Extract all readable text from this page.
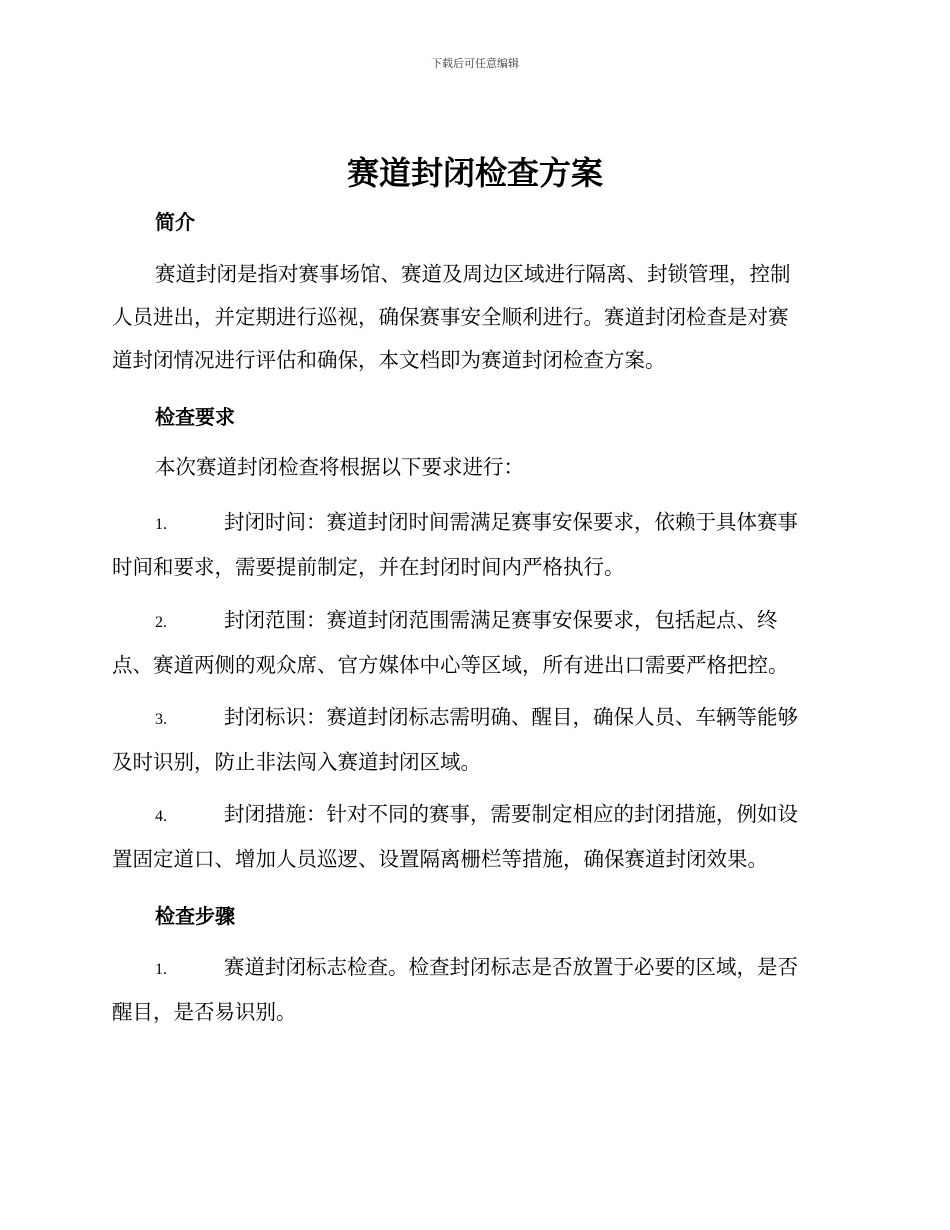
下载后可任意编辑
赛道封闭检查方案
简介
赛道封闭是指对赛事场馆、赛道及周边区域进行隔离、封锁管理，控制
人员进出，并定期进行巡视，确保赛事安全顺利进行。赛道封闭检查是对赛
道封闭情况进行评估和确保，本文档即为赛道封闭检查方案。
检查要求
本次赛道封闭检查将根据以下要求进行：
1.	封闭时间：赛道封闭时间需满足赛事安保要求，依赖于具体赛事
时间和要求，需要提前制定，并在封闭时间内严格执行。
2.	封闭范围：赛道封闭范围需满足赛事安保要求，包括起点、终
点、赛道两侧的观众席、官方媒体中心等区域，所有进出口需要严格把控。
3.	封闭标识：赛道封闭标志需明确、醒目，确保人员、车辆等能够
及时识别，防止非法闯入赛道封闭区域。
4.	封闭措施：针对不同的赛事，需要制定相应的封闭措施，例如设
置固定道口、增加人员巡逻、设置隔离栅栏等措施，确保赛道封闭效果。
检查步骤
1.	赛道封闭标志检查。检查封闭标志是否放置于必要的区域，是否
醒目，是否易识别。
